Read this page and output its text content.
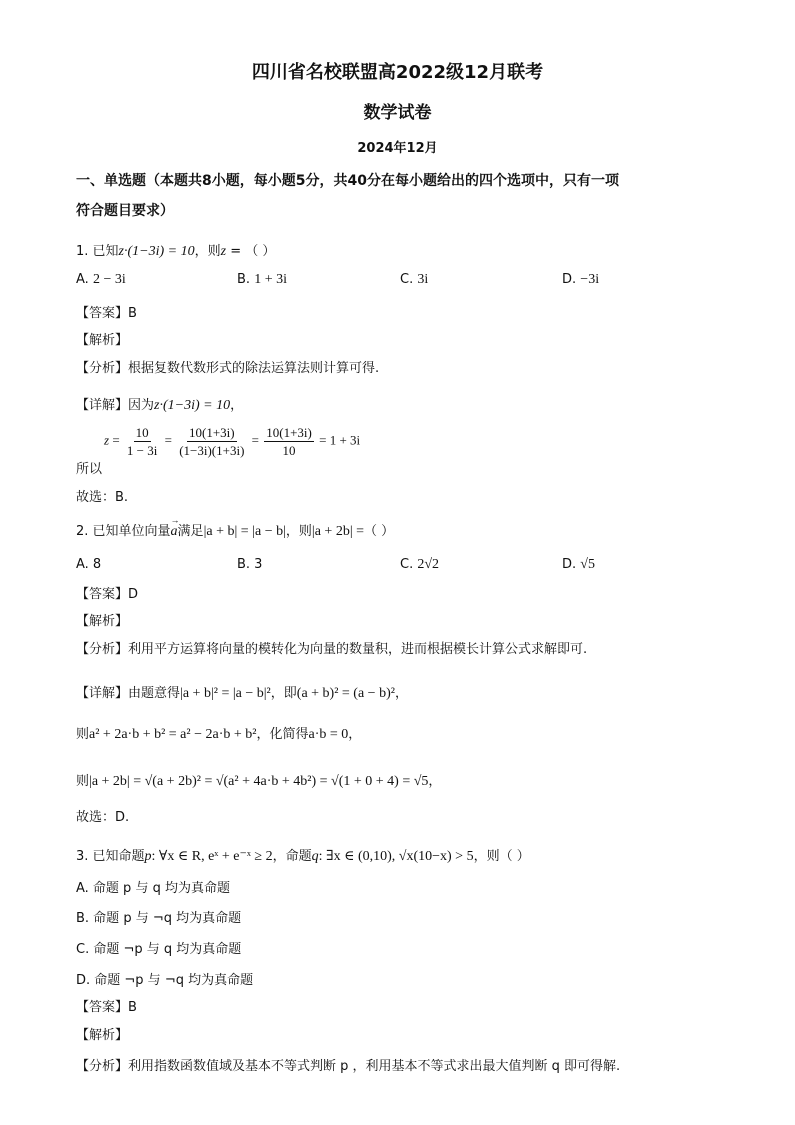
四川省名校联盟高2022级12月联考
数学试卷
2024年12月
一、单选题（本题共8小题，每小题5分，共40分在每小题给出的四个选项中，只有一项
符合题目要求）
1. 已知z·(1−3i) = 10，则z = （ ）
A. 2 − 3i	B. 1 + 3i	C. 3i	D. −3i
【答案】B
【解析】
【分析】根据复数代数形式的除法运算法则计算可得.
【详解】因为z·(1−3i) = 10，
所以
$z = \frac{10}{1 - 3i} = \frac{10(1+3i)}{(1-3i)(1+3i)} = \frac{10(1+3i)}{10} = 1 + 3i$
故选：B.
2. 已知单位向量→ a满足|a + b| = |a − b|，则|a + 2b| =（ ）
A. 8	B. 3	C. 2√2	D. √5
【答案】D
【解析】
【分析】利用平方运算将向量的模转化为向量的数量积，进而根据模长计算公式求解即可.
【详解】由题意得|a + b|² = |a − b|²，即(a + b)² = (a − b)²，
则a² + 2a·b + b² = a² − 2a·b + b²，化简得a·b = 0，
则|a + 2b| = √(a + 2b)² = √(a² + 4a·b + 4b²) = √(1 + 0 + 4) = √5，
故选：D.
3. 已知命题p: ∀x ∈ R, eˣ + e⁻ˣ ≥ 2，命题q: ∃x ∈ (0,10), √x(10−x) > 5，则（ ）
A. 命题 p 与 q 均为真命题
B. 命题 p 与 ¬q 均为真命题
C. 命题 ¬p 与 q 均为真命题
D. 命题 ¬p 与 ¬q 均为真命题
【答案】B
【解析】
【分析】利用指数函数值域及基本不等式判断 p ，利用基本不等式求出最大值判断 q 即可得解.
